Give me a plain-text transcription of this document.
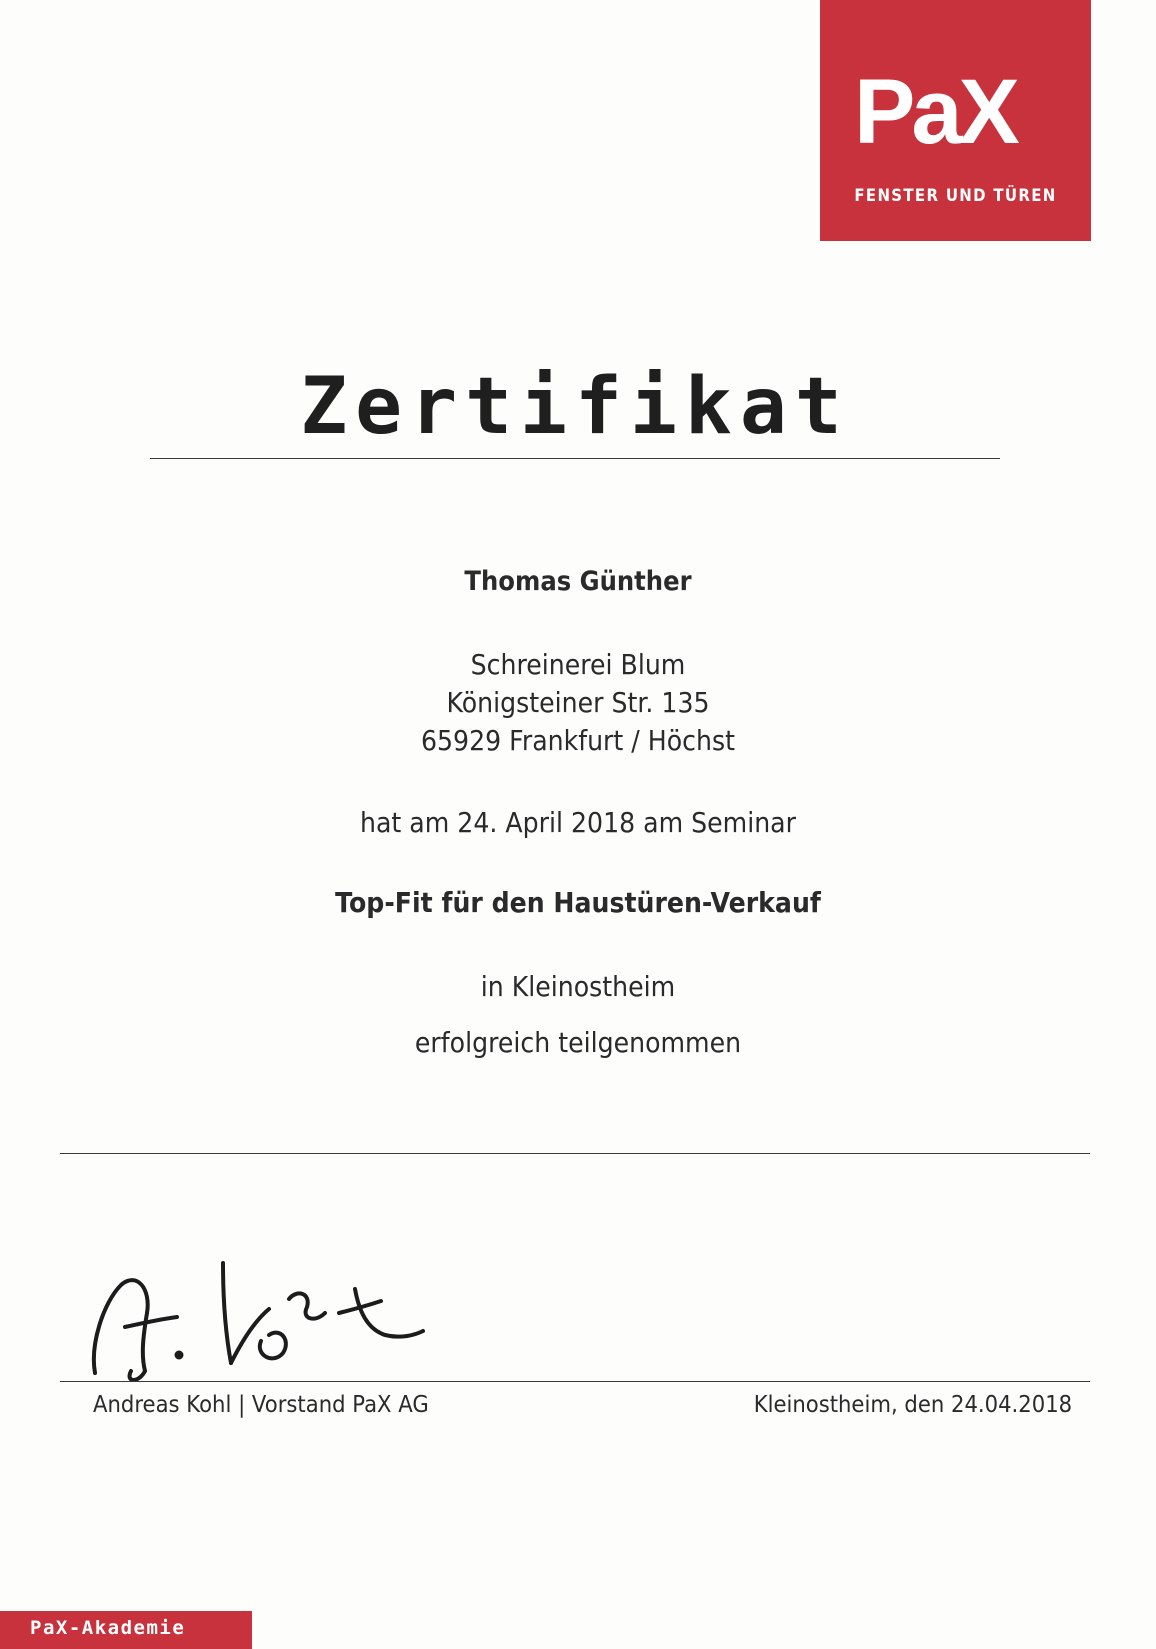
PaX
FENSTER UND TÜREN
Zertifikat
Thomas Günther
Schreinerei Blum
Königsteiner Str. 135
65929 Frankfurt / Höchst
hat am 24. April 2018 am Seminar
Top-Fit für den Haustüren-Verkauf
in Kleinostheim
erfolgreich teilgenommen
Andreas Kohl | Vorstand PaX AG	Kleinostheim, den 24.04.2018
PaX-Akademie
